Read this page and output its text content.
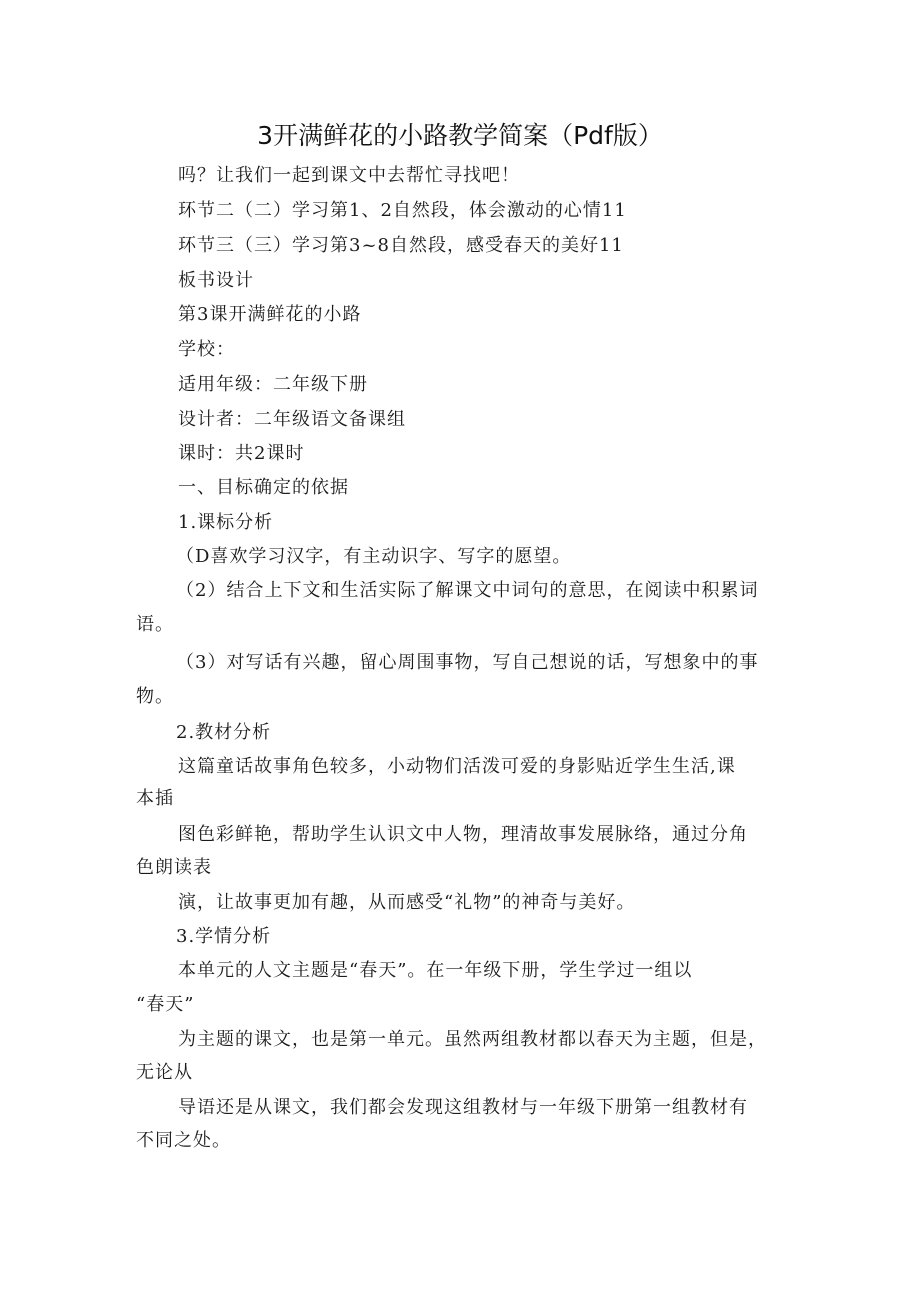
3开满鲜花的小路教学简案（Pdf版）
吗？让我们一起到课文中去帮忙寻找吧！
环节二（二）学习第1、2自然段，体会激动的心情11
环节三（三）学习第3~8自然段，感受春天的美好11
板书设计
第3课开满鲜花的小路
学校：
适用年级：二年级下册
设计者：二年级语文备课组
课时：共2课时
一、目标确定的依据
1.课标分析
（D喜欢学习汉字，有主动识字、写字的愿望。
（2）结合上下文和生活实际了解课文中词句的意思，在阅读中积累词
语。
（3）对写话有兴趣，留心周围事物，写自己想说的话，写想象中的事
物。
2.教材分析
这篇童话故事角色较多，小动物们活泼可爱的身影贴近学生生活,课
本插
图色彩鲜艳，帮助学生认识文中人物，理清故事发展脉络，通过分角
色朗读表
演，让故事更加有趣，从而感受“礼物”的神奇与美好。
3.学情分析
本单元的人文主题是“春天”。在一年级下册，学生学过一组以
“春天”
为主题的课文，也是第一单元。虽然两组教材都以春天为主题，但是，
无论从
导语还是从课文，我们都会发现这组教材与一年级下册第一组教材有
不同之处。
